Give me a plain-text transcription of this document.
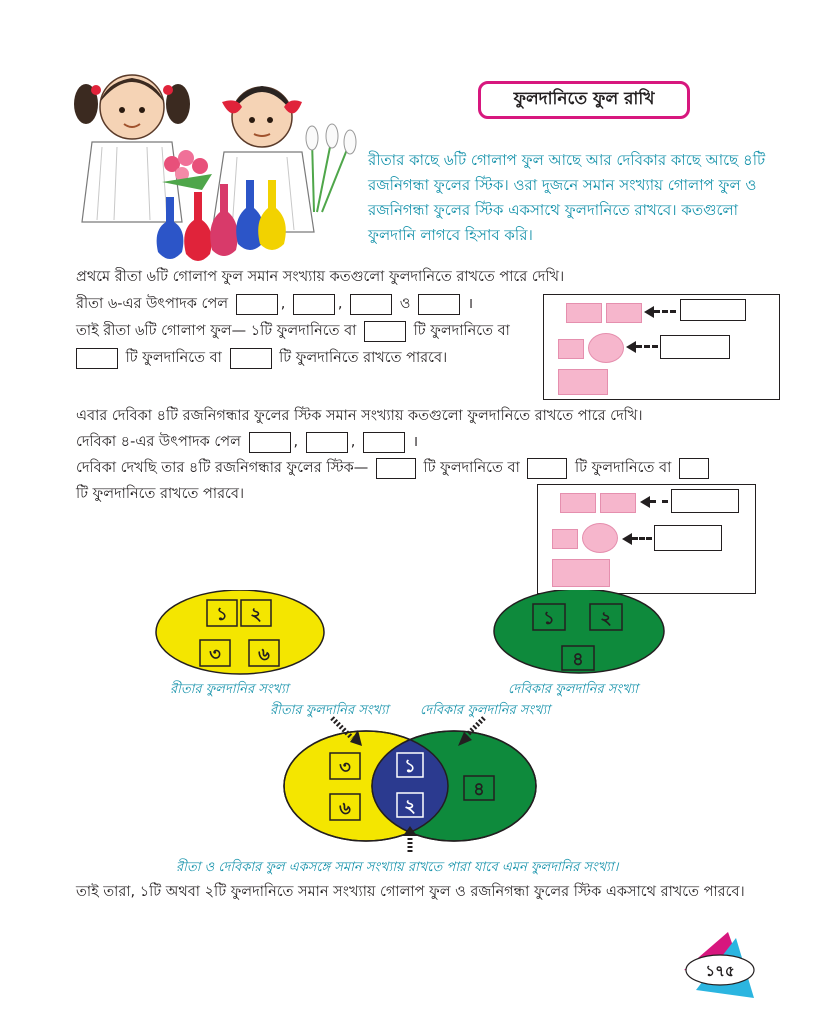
ফুলদানিতে ফুল রাখি
রীতার কাছে ৬টি গোলাপ ফুল আছে আর দেবিকার কাছে আছে ৪টি রজনিগন্ধা ফুলের স্টিক। ওরা দুজনে সমান সংখ্যায় গোলাপ ফুল ও রজনিগন্ধা ফুলের স্টিক একসাথে ফুলদানিতে রাখবে। কতগুলো ফুলদানি লাগবে হিসাব করি।
প্রথমে রীতা ৬টি গোলাপ ফুল সমান সংখ্যায় কতগুলো ফুলদানিতে রাখতে পারে দেখি।
রীতা ৬-এর উৎপাদক পেল	,	,	ও	।
তাই রীতা ৬টি গোলাপ ফুল— ১টি ফুলদানিতে বা	টি ফুলদানিতে বা
টি ফুলদানিতে বা	টি ফুলদানিতে রাখতে পারবে।
এবার দেবিকা ৪টি রজনিগন্ধার ফুলের স্টিক সমান সংখ্যায় কতগুলো ফুলদানিতে রাখতে পারে দেখি।
দেবিকা ৪-এর উৎপাদক পেল	,	,	।
দেবিকা দেখছি তার ৪টি রজনিগন্ধার ফুলের স্টিক—	টি ফুলদানিতে বা	টি ফুলদানিতে বা
টি ফুলদানিতে রাখতে পারবে।
১ ২
৩ ৬
১	২
৪
৩
৬
১
২
৪
রীতার ফুলদানির সংখ্যা	দেবিকার ফুলদানির সংখ্যা
রীতার ফুলদানির সংখ্যা দেবিকার ফুলদানির সংখ্যা
রীতা ও দেবিকার ফুল একসঙ্গে সমান সংখ্যায় রাখতে পারা যাবে এমন ফুলদানির সংখ্যা।
তাই তারা, ১টি অথবা ২টি ফুলদানিতে সমান সংখ্যায় গোলাপ ফুল ও রজনিগন্ধা ফুলের স্টিক একসাথে রাখতে পারবে।
১৭৫
